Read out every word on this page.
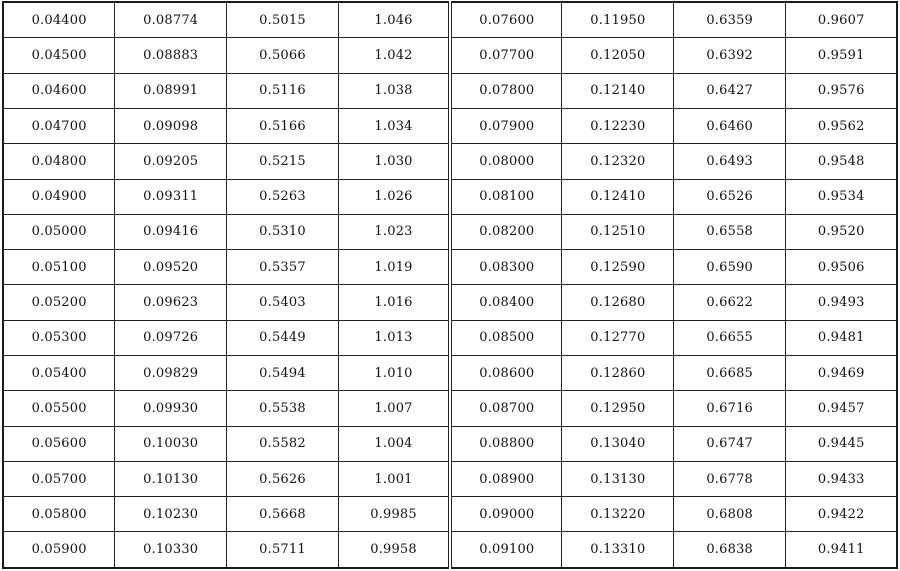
0.04400	0.08774	0.5015	1.046	0.07600	0.11950	0.6359	0.9607
0.04500	0.08883	0.5066	1.042	0.07700	0.12050	0.6392	0.9591
0.04600	0.08991	0.5116	1.038	0.07800	0.12140	0.6427	0.9576
0.04700	0.09098	0.5166	1.034	0.07900	0.12230	0.6460	0.9562
0.04800	0.09205	0.5215	1.030	0.08000	0.12320	0.6493	0.9548
0.04900	0.09311	0.5263	1.026	0.08100	0.12410	0.6526	0.9534
0.05000	0.09416	0.5310	1.023	0.08200	0.12510	0.6558	0.9520
0.05100	0.09520	0.5357	1.019	0.08300	0.12590	0.6590	0.9506
0.05200	0.09623	0.5403	1.016	0.08400	0.12680	0.6622	0.9493
0.05300	0.09726	0.5449	1.013	0.08500	0.12770	0.6655	0.9481
0.05400	0.09829	0.5494	1.010	0.08600	0.12860	0.6685	0.9469
0.05500	0.09930	0.5538	1.007	0.08700	0.12950	0.6716	0.9457
0.05600	0.10030	0.5582	1.004	0.08800	0.13040	0.6747	0.9445
0.05700	0.10130	0.5626	1.001	0.08900	0.13130	0.6778	0.9433
0.05800	0.10230	0.5668	0.9985	0.09000	0.13220	0.6808	0.9422
0.05900	0.10330	0.5711	0.9958	0.09100	0.13310	0.6838	0.9411
